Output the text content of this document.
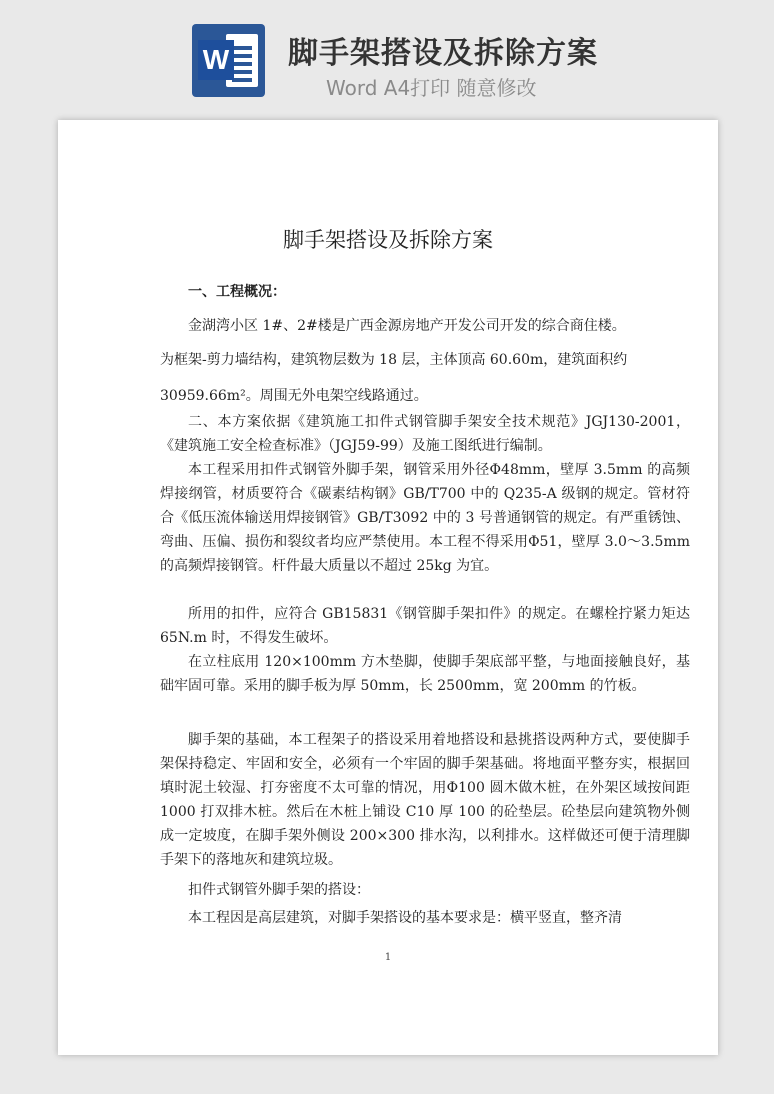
W 脚手架搭设及拆除方案
Word A4打印 随意修改
脚手架搭设及拆除方案
一、工程概况：
金湖湾小区 1#、2#楼是广西金源房地产开发公司开发的综合商住楼。
为框架-剪力墙结构，建筑物层数为 18 层，主体顶高 60.60m，建筑面积约
30959.66m²。周围无外电架空线路通过。
二、本方案依据《建筑施工扣件式钢管脚手架安全技术规范》JGJ130-2001，《建筑施工安全检查标准》（JGJ59-99）及施工图纸进行编制。
本工程采用扣件式钢管外脚手架，钢管采用外径Φ48mm，壁厚 3.5mm 的高频焊接纲管，材质要符合《碳素结构钢》GB/T700 中的 Q235-A 级钢的规定。管材符合《低压流体输送用焊接钢管》GB/T3092 中的 3 号普通钢管的规定。有严重锈蚀、弯曲、压偏、损伤和裂纹者均应严禁使用。本工程不得采用Φ51，壁厚 3.0～3.5mm 的高频焊接钢管。杆件最大质量以不超过 25kg 为宜。
所用的扣件，应符合 GB15831《钢管脚手架扣件》的规定。在螺栓拧紧力矩达 65N.m 时，不得发生破坏。
在立柱底用 120×100mm 方木垫脚，使脚手架底部平整，与地面接触良好，基础牢固可靠。采用的脚手板为厚 50mm，长 2500mm，宽 200mm 的竹板。
脚手架的基础，本工程架子的搭设采用着地搭设和悬挑搭设两种方式，要使脚手架保持稳定、牢固和安全，必须有一个牢固的脚手架基础。将地面平整夯实，根据回填时泥土较湿、打夯密度不太可靠的情况，用Φ100 圆木做木桩，在外架区域按间距 1000 打双排木桩。然后在木桩上铺设 C10 厚 100 的砼垫层。砼垫层向建筑物外侧成一定坡度，在脚手架外侧设 200×300 排水沟，以利排水。这样做还可便于清理脚手架下的落地灰和建筑垃圾。
扣件式钢管外脚手架的搭设：
本工程因是高层建筑，对脚手架搭设的基本要求是：横平竖直，整齐清
1
